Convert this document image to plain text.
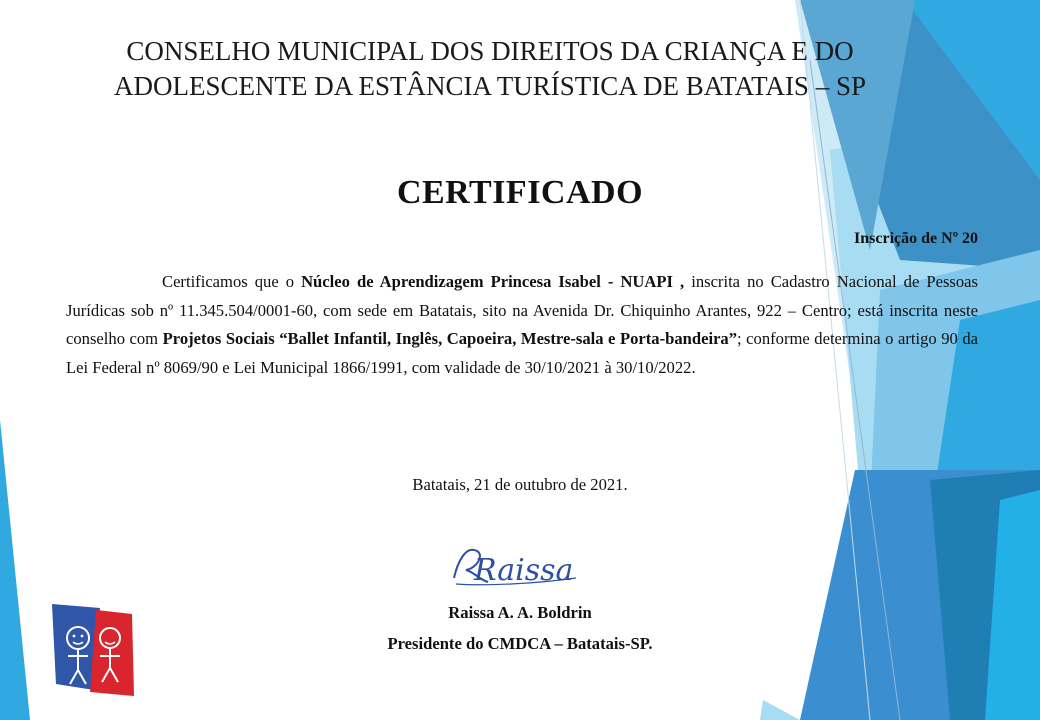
CONSELHO MUNICIPAL DOS DIREITOS DA CRIANÇA E DO
ADOLESCENTE DA ESTÂNCIA TURÍSTICA DE BATATAIS – SP
CERTIFICADO
Inscrição de Nº 20
Certificamos que o Núcleo de Aprendizagem Princesa Isabel - NUAPI , inscrita no Cadastro Nacional de Pessoas Jurídicas sob nº 11.345.504/0001-60, com sede em Batatais, sito na Avenida Dr. Chiquinho Arantes, 922 – Centro; está inscrita neste conselho com Projetos Sociais “Ballet Infantil, Inglês, Capoeira, Mestre-sala e Porta-bandeira”; conforme determina o artigo 90 da Lei Federal nº 8069/90 e Lei Municipal 1866/1991, com validade de 30/10/2021 à 30/10/2022.
Batatais, 21 de outubro de 2021.
Raissa
Raissa A. A. Boldrin
Presidente do CMDCA – Batatais-SP.
